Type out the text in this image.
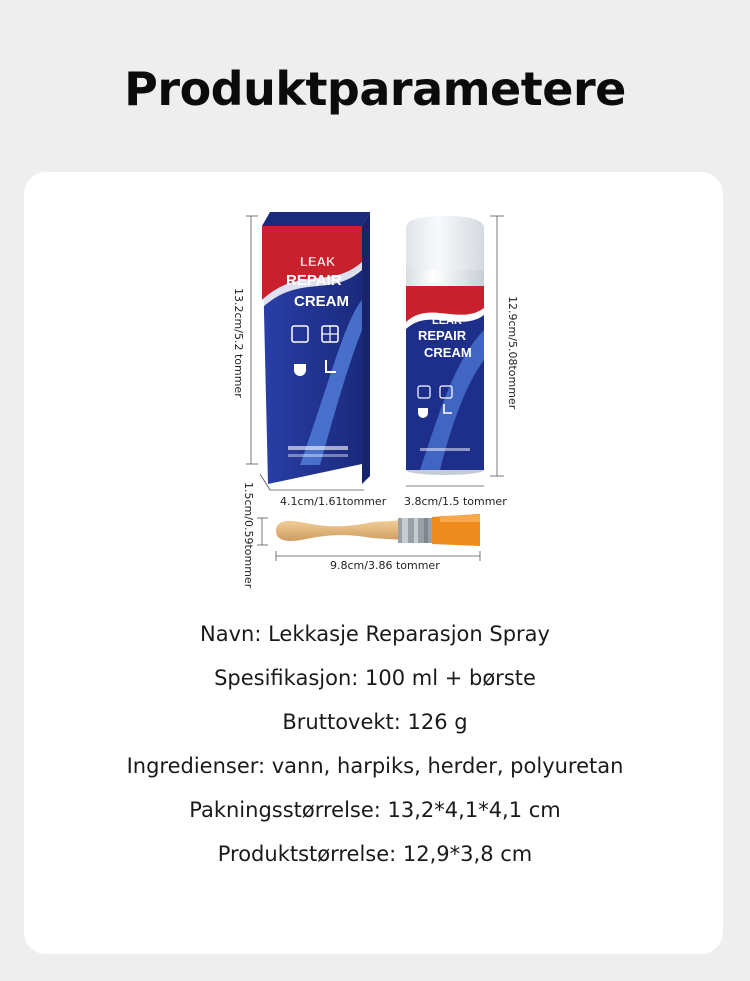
Produktparametere
LEAK
REPAIR
CREAM
LEAK
REPAIR
CREAM
13.2cm/5.2 tommer	12.9cm/5.08tommer
4.1cm/1.61tommer 3.8cm/1.5 tommer
1.5cm/0.59tommer	9.8cm/3.86 tommer
Navn: Lekkasje Reparasjon Spray
Spesifikasjon: 100 ml + børste
Bruttovekt: 126 g
Ingredienser: vann, harpiks, herder, polyuretan
Pakningsstørrelse: 13,2*4,1*4,1 cm
Produktstørrelse: 12,9*3,8 cm
